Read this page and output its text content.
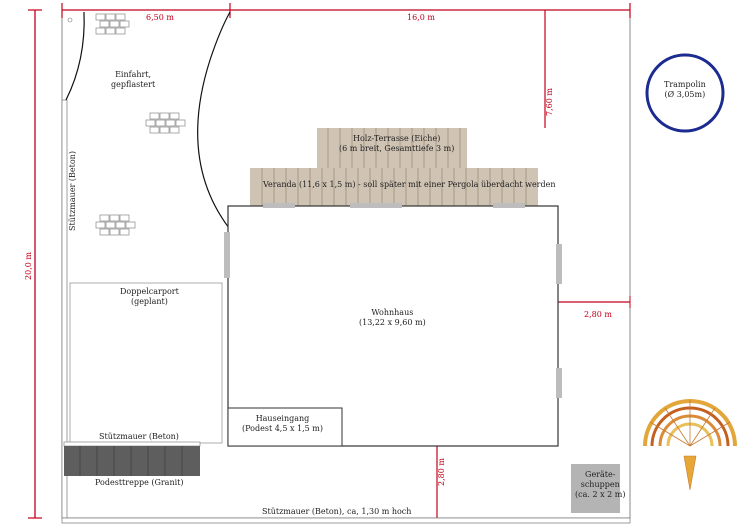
6,50 m	16,0 m
20,0 m
7,60 m
2,80 m
2,80 m
Einfahrt,
gepflastert
Stützmauer (Beton)
Doppelcarport
(geplant)
Stützmauer (Beton)
Podesttreppe (Granit)
Hauseingang
(Podest 4,5 x 1,5 m)
Wohnhaus
(13,22 x 9,60 m)
Holz-Terrasse (Eiche)
(6 m breit, Gesamttiefe 3 m)
Veranda (11,6 x 1,5 m) - soll später mit einer Pergola überdacht werden
Trampolin
(Ø 3,05m)
Geräte-
schuppen
(ca. 2 x 2 m)
Stützmauer (Beton), ca, 1,30 m hoch
